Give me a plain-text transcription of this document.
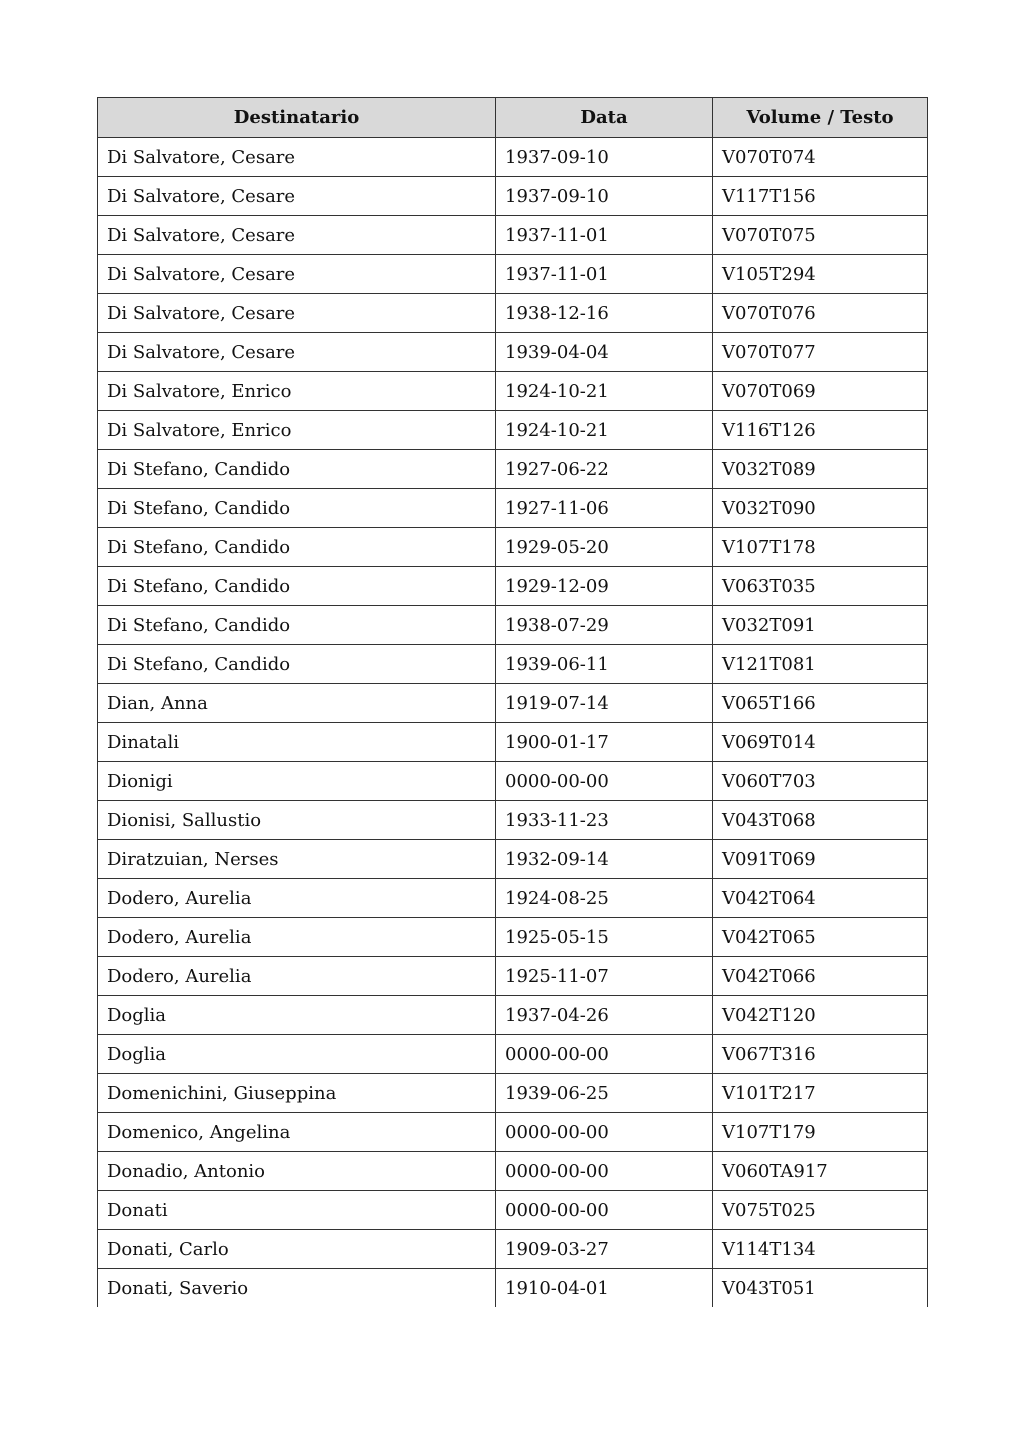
Destinatario	Data	Volume / Testo
Di Salvatore, Cesare	1937-09-10	V070T074
Di Salvatore, Cesare	1937-09-10	V117T156
Di Salvatore, Cesare	1937-11-01	V070T075
Di Salvatore, Cesare	1937-11-01	V105T294
Di Salvatore, Cesare	1938-12-16	V070T076
Di Salvatore, Cesare	1939-04-04	V070T077
Di Salvatore, Enrico	1924-10-21	V070T069
Di Salvatore, Enrico	1924-10-21	V116T126
Di Stefano, Candido	1927-06-22	V032T089
Di Stefano, Candido	1927-11-06	V032T090
Di Stefano, Candido	1929-05-20	V107T178
Di Stefano, Candido	1929-12-09	V063T035
Di Stefano, Candido	1938-07-29	V032T091
Di Stefano, Candido	1939-06-11	V121T081
Dian, Anna	1919-07-14	V065T166
Dinatali	1900-01-17	V069T014
Dionigi	0000-00-00	V060T703
Dionisi, Sallustio	1933-11-23	V043T068
Diratzuian, Nerses	1932-09-14	V091T069
Dodero, Aurelia	1924-08-25	V042T064
Dodero, Aurelia	1925-05-15	V042T065
Dodero, Aurelia	1925-11-07	V042T066
Doglia	1937-04-26	V042T120
Doglia	0000-00-00	V067T316
Domenichini, Giuseppina	1939-06-25	V101T217
Domenico, Angelina	0000-00-00	V107T179
Donadio, Antonio	0000-00-00	V060TA917
Donati	0000-00-00	V075T025
Donati, Carlo	1909-03-27	V114T134
Donati, Saverio	1910-04-01	V043T051
